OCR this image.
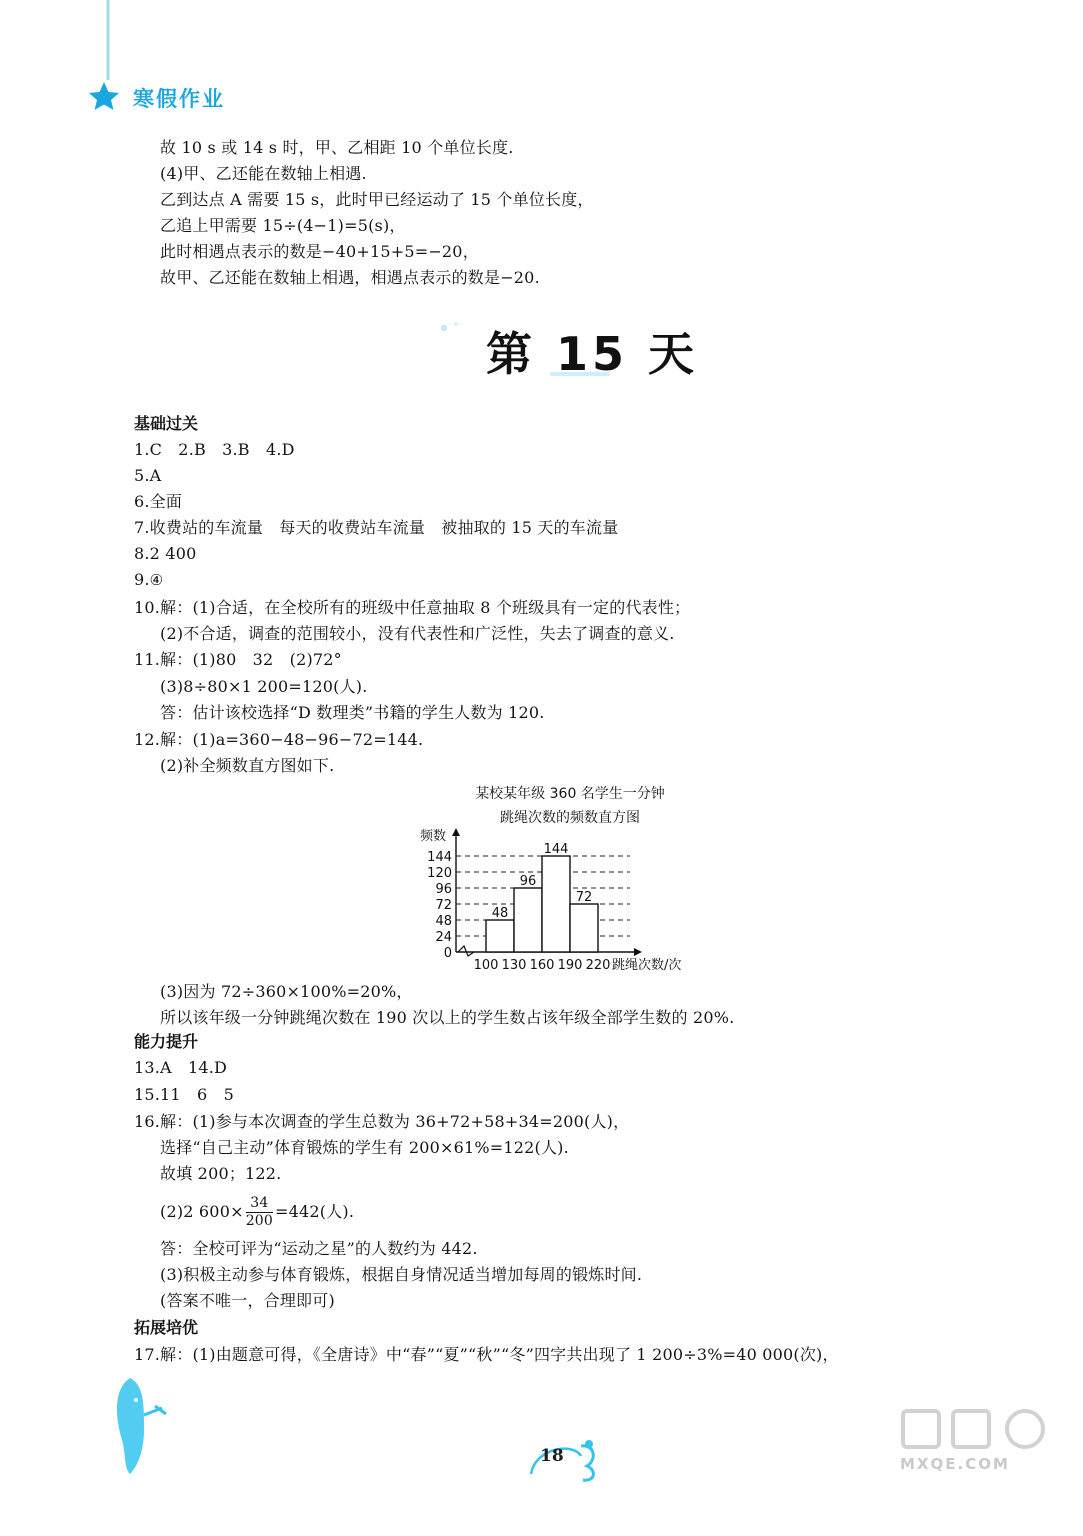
寒假作业
故 10 s 或 14 s 时，甲、乙相距 10 个单位长度.
(4)甲、乙还能在数轴上相遇.
乙到达点 A 需要 15 s，此时甲已经运动了 15 个单位长度，
乙追上甲需要 15÷(4−1)=5(s)，
此时相遇点表示的数是−40+15+5=−20，
故甲、乙还能在数轴上相遇，相遇点表示的数是−20.
第 15 天
基础过关
1.C　2.B　3.B　4.D
5.A
6.全面
7.收费站的车流量　每天的收费站车流量　被抽取的 15 天的车流量
8.2 400
9.④
10.解：(1)合适，在全校所有的班级中任意抽取 8 个班级具有一定的代表性；
(2)不合适，调查的范围较小，没有代表性和广泛性，失去了调查的意义.
11.解：(1)80　32　(2)72°
(3)8÷80×1 200=120(人).
答：估计该校选择“D 数理类”书籍的学生人数为 120.
12.解：(1)a=360−48−96−72=144.
(2)补全频数直方图如下.
某校某年级 360 名学生一分钟
跳绳次数的频数直方图
0
24
48
72
96
120
144
频数
48
96
144
72
100 130 160 190 220 跳绳次数/次
(3)因为 72÷360×100%=20%，
所以该年级一分钟跳绳次数在 190 次以上的学生数占该年级全部学生数的 20%.
能力提升
13.A　14.D
15.11　6　5
16.解：(1)参与本次调查的学生总数为 36+72+58+34=200(人)，
选择“自己主动”体育锻炼的学生有 200×61%=122(人).
故填 200；122.
(2)2 $600\times \frac{34}{200} =442$(人).
答：全校可评为“运动之星”的人数约为 442.
(3)积极主动参与体育锻炼，根据自身情况适当增加每周的锻炼时间.
(答案不唯一，合理即可)
拓展培优
17.解：(1)由题意可得，《全唐诗》中“春”“夏”“秋”“冬”四字共出现了 1 200÷3%=40 000(次)，
18	MXQE.COM
